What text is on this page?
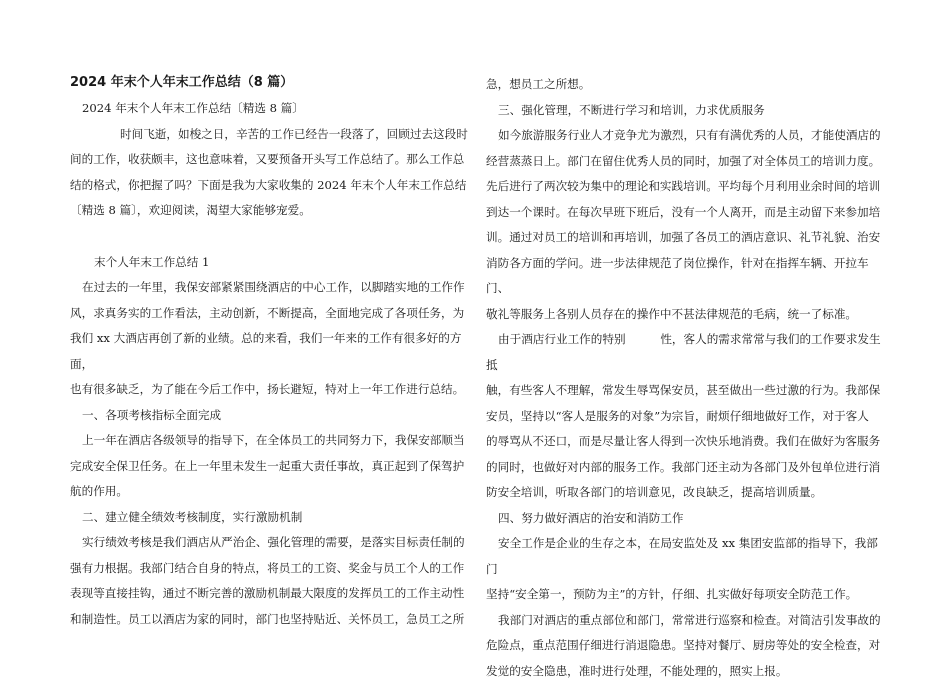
2024 年末个人年末工作总结（8 篇）

2024 年末个人年末工作总结〔精选 8 篇〕

时间飞逝，如梭之日，辛苦的工作已经告一段落了，回顾过去这段时

间的工作，收获颇丰，这也意味着，又要预备开头写工作总结了。那么工作总

结的格式，你把握了吗？下面是我为大家收集的 2024 年末个人年末工作总结

〔精选 8 篇〕，欢迎阅读，渴望大家能够宠爱。

末个人年末工作总结 1

在过去的一年里，我保安部紧紧围绕酒店的中心工作，以脚踏实地的工作作

风，求真务实的工作看法，主动创新，不断提高，全面地完成了各项任务，为

我们 xx 大酒店再创了新的业绩。总的来看，我们一年来的工作有很多好的方面，

也有很多缺乏，为了能在今后工作中，扬长避短，特对上一年工作进行总结。

一、各项考核指标全面完成

上一年在酒店各级领导的指导下，在全体员工的共同努力下，我保安部顺当

完成安全保卫任务。在上一年里未发生一起重大责任事故，真正起到了保驾护

航的作用。

二、建立健全绩效考核制度，实行激励机制

实行绩效考核是我们酒店从严治企、强化管理的需要，是落实目标责任制的

强有力根据。我部门结合自身的特点，将员工的工资、奖金与员工个人的工作

表现等直接挂钩，通过不断完善的激励机制最大限度的发挥员工的工作主动性

和制造性。员工以酒店为家的同时，部门也坚持贴近、关怀员工，急员工之所

急，想员工之所想。

三、强化管理，不断进行学习和培训，力求优质服务

如今旅游服务行业人才竞争尤为激烈，只有有满优秀的人员，才能使酒店的

经营蒸蒸日上。部门在留住优秀人员的同时，加强了对全体员工的培训力度。

先后进行了两次较为集中的理论和实践培训。平均每个月利用业余时间的培训

到达一个课时。在每次早班下班后，没有一个人离开，而是主动留下来参加培

训。通过对员工的培训和再培训，加强了各员工的酒店意识、礼节礼貌、治安

消防各方面的学问。进一步法律规范了岗位操作，针对在指挥车辆、开拉车门、

敬礼等服务上各别人员存在的操作中不甚法律规范的毛病，统一了标准。

由于酒店行业工作的特别　　　性，客人的需求常常与我们的工作要求发生抵

触，有些客人不理解，常发生辱骂保安员，甚至做出一些过激的行为。我部保

安员，坚持以“客人是服务的对象”为宗旨，耐烦仔细地做好工作，对于客人

的辱骂从不还口，而是尽量让客人得到一次快乐地消费。我们在做好为客服务

的同时，也做好对内部的服务工作。我部门还主动为各部门及外包单位进行消

防安全培训，听取各部门的培训意见，改良缺乏，提高培训质量。

四、努力做好酒店的治安和消防工作

安全工作是企业的生存之本，在局安监处及 xx 集团安监部的指导下，我部门

坚持“安全第一，预防为主”的方针，仔细、扎实做好每项安全防范工作。

我部门对酒店的重点部位和部门，常常进行巡察和检查。对简洁引发事故的

危险点，重点范围仔细进行消退隐患。坚持对餐厅、厨房等处的安全检查，对

发觉的安全隐患，准时进行处理，不能处理的，照实上报。
